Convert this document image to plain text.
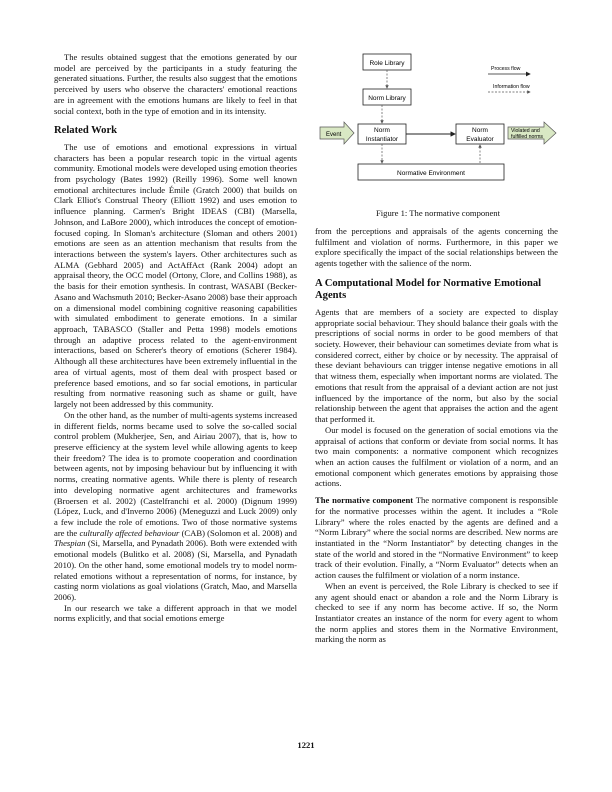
The results obtained suggest that the emotions generated by our model are perceived by the participants in a study featuring the generated situations. Further, the results also suggest that the emotions perceived by users who observe the characters' emotional reactions are in agreement with the emotions humans are likely to feel in that social context, both in the type of emotion and in its intensity.

Related Work

The use of emotions and emotional expressions in virtual characters has been a popular research topic in the virtual agents community. Emotional models were developed using emotion theories from psychology (Bates 1992) (Reilly 1996). Some well known emotional architectures include Émile (Gratch 2000) that builds on Clark Elliot's Construal Theory (Elliott 1992) and uses emotion to influence planning. Carmen's Bright IDEAS (CBI) (Marsella, Johnson, and LaBore 2000), which introduces the concept of emotion-focused coping. In Sloman's architecture (Sloman and others 2001) emotions are seen as an attention mechanism that results from the interactions between the system's layers. Other architectures such as ALMA (Gebhard 2005) and ActAffAct (Rank 2004) adopt an appraisal theory, the OCC model (Ortony, Clore, and Collins 1988), as the basis for their emotion synthesis. In contrast, WASABI (Becker-Asano and Wachsmuth 2010; Becker-Asano 2008) base their approach on a dimensional model combining cognitive reasoning capabilities with simulated embodiment to generate emotions. In a similar approach, TABASCO (Staller and Petta 1998) models emotions through an adaptive process related to the agent-environment interactions, based on Scherer's theory of emotions (Scherer 1984). Although all these architectures have been extremely influential in the area of virtual agents, most of them deal with prospect based or preference based emotions, and so far social emotions, in particular resulting from normative reasoning such as shame or guilt, have largely not been addressed by this community.

On the other hand, as the number of multi-agents systems increased in different fields, norms became used to solve the so-called social control problem (Mukherjee, Sen, and Airiau 2007), that is, how to preserve efficiency at the system level while allowing agents to keep their freedom? The idea is to promote cooperation and coordination between agents, not by imposing behaviour but by influencing it with norms, creating normative agents. While there is plenty of research into developing normative agent architectures and frameworks (Broersen et al. 2002) (Castelfranchi et al. 2000) (Dignum 1999) (López, Luck, and d'Inverno 2006) (Meneguzzi and Luck 2009) only a few include the role of emotions. Two of those normative systems are the culturally affected behaviour (CAB) (Solomon et al. 2008) and Thespian (Si, Marsella, and Pynadath 2006). Both were extended with emotional models (Bulitko et al. 2008) (Si, Marsella, and Pynadath 2010). On the other hand, some emotional models try to model norm-related emotions without a representation of norms, for instance, by casting norm violations as goal violations (Gratch, Mao, and Marsella 2006).

In our research we take a different approach in that we model norms explicitly, and that social emotions emerge

Role Library
Norm Library
Event
Norm
Instantiator
Norm
Evaluator
Violated and
fulfilled norms
Normative Environment
Process flow
Information flow
Figure 1: The normative component

from the perceptions and appraisals of the agents concerning the fulfilment and violation of norms. Furthermore, in this paper we explore specifically the impact of the social relationships between the agents together with the salience of the norm.

A Computational Model for Normative Emotional Agents

Agents that are members of a society are expected to display appropriate social behaviour. They should balance their goals with the prescriptions of social norms in order to be good members of that society. However, their behaviour can sometimes deviate from what is considered correct, either by choice or by necessity. The appraisal of these deviant behaviours can trigger intense negative emotions in all that witness them, especially when important norms are violated. The emotions that result from the appraisal of a deviant action are not just influenced by the importance of the norm, but also by the social relationship between the agent that appraises the action and the agent that performed it.

Our model is focused on the generation of social emotions via the appraisal of actions that conform or deviate from social norms. It has two main components: a normative component which recognizes when an action causes the fulfilment or violation of a norm, and an emotional component which generates emotions by appraising those actions.

The normative component The normative component is responsible for the normative processes within the agent. It includes a “Role Library” where the roles enacted by the agents are defined and a “Norm Library” where the social norms are described. New norms are instantiated in the “Norm Instantiator” by detecting changes in the state of the world and stored in the “Normative Environment” to keep track of their evolution. Finally, a “Norm Evaluator” detects when an action causes the fulfilment or violation of a norm instance.

When an event is perceived, the Role Library is checked to see if any agent should enact or abandon a role and the Norm Library is checked to see if any norm has become active. If so, the Norm Instantiator creates an instance of the norm for every agent to whom the norm applies and stores them in the Normative Environment, marking the norm as

1221
